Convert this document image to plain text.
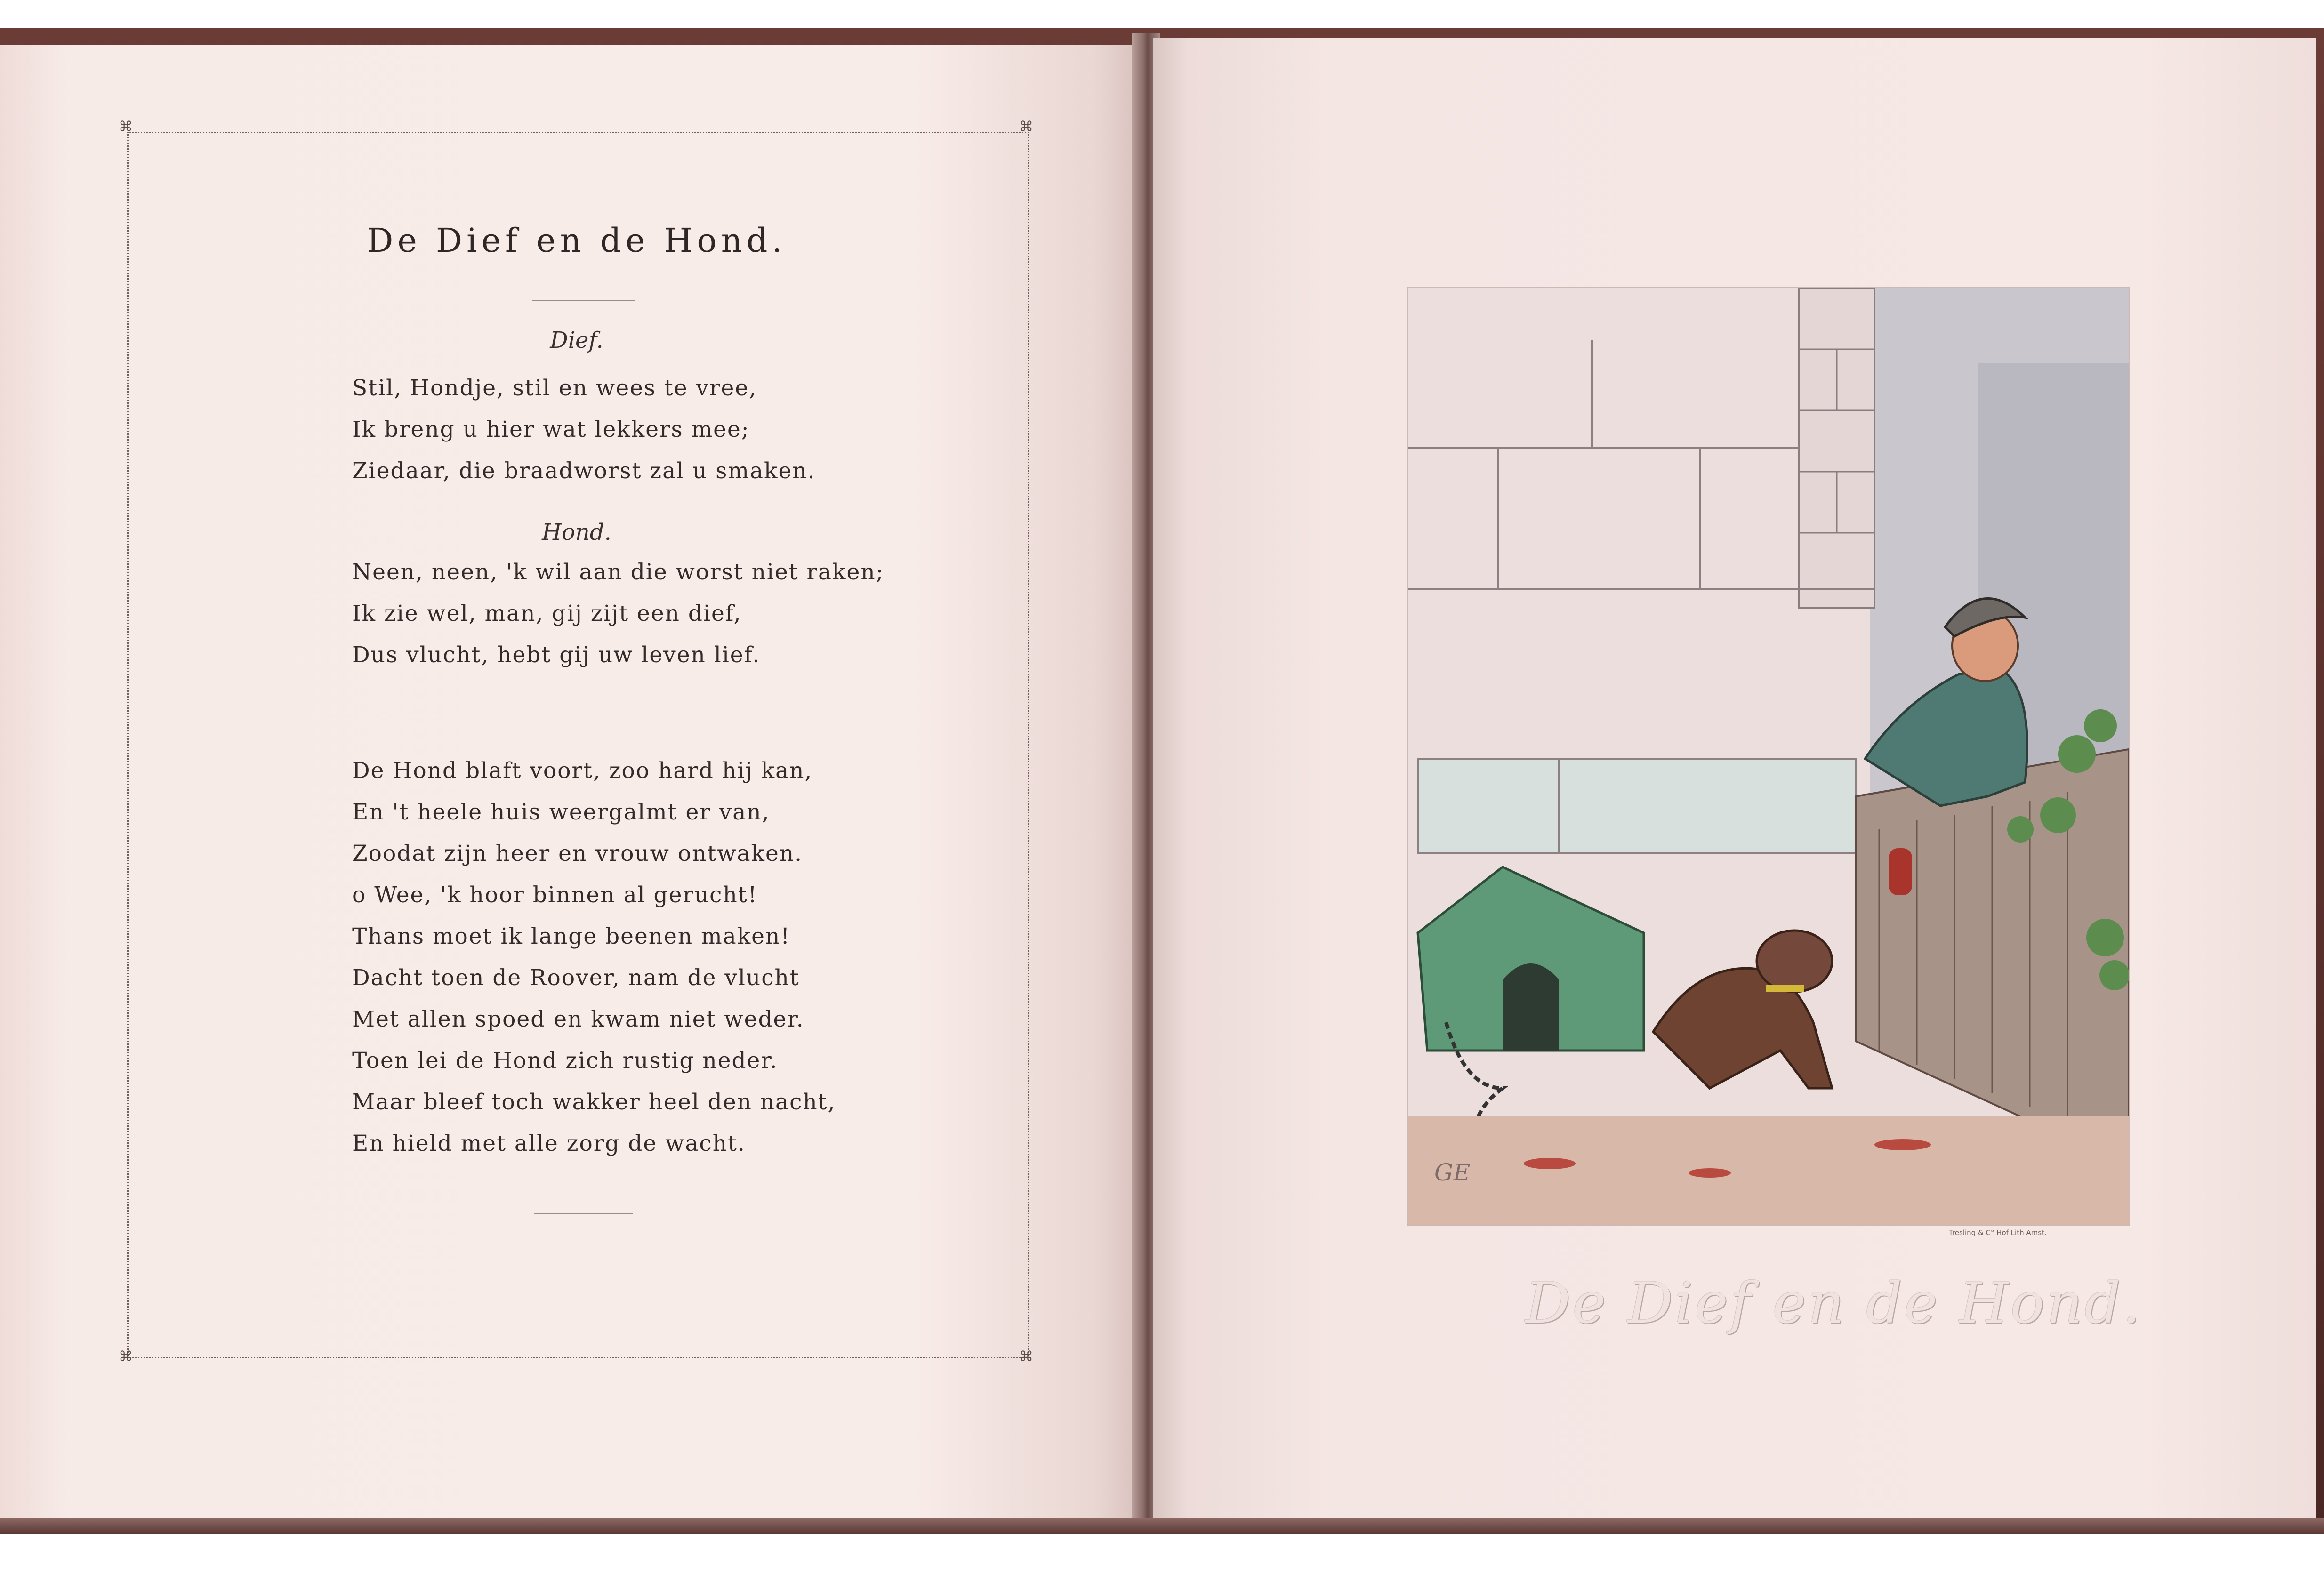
⌘	⌘
⌘	⌘
De Dief en de Hond.
Dief.
Stil, Hondje, stil en wees te vree,
Ik breng u hier wat lekkers mee;
Ziedaar, die braadworst zal u smaken.
Hond.
Neen, neen, 'k wil aan die worst niet raken;
Ik zie wel, man, gij zijt een dief,
Dus vlucht, hebt gij uw leven lief.
De Hond blaft voort, zoo hard hij kan,
En 't heele huis weergalmt er van,
Zoodat zijn heer en vrouw ontwaken.
o Wee, 'k hoor binnen al gerucht!
Thans moet ik lange beenen maken!
Dacht toen de Roover, nam de vlucht
Met allen spoed en kwam niet weder.
Toen lei de Hond zich rustig neder.
Maar bleef toch wakker heel den nacht,
En hield met alle zorg de wacht.
GE
Tresling & C° Hof Lith Amst.
De Dief en de Hond.
